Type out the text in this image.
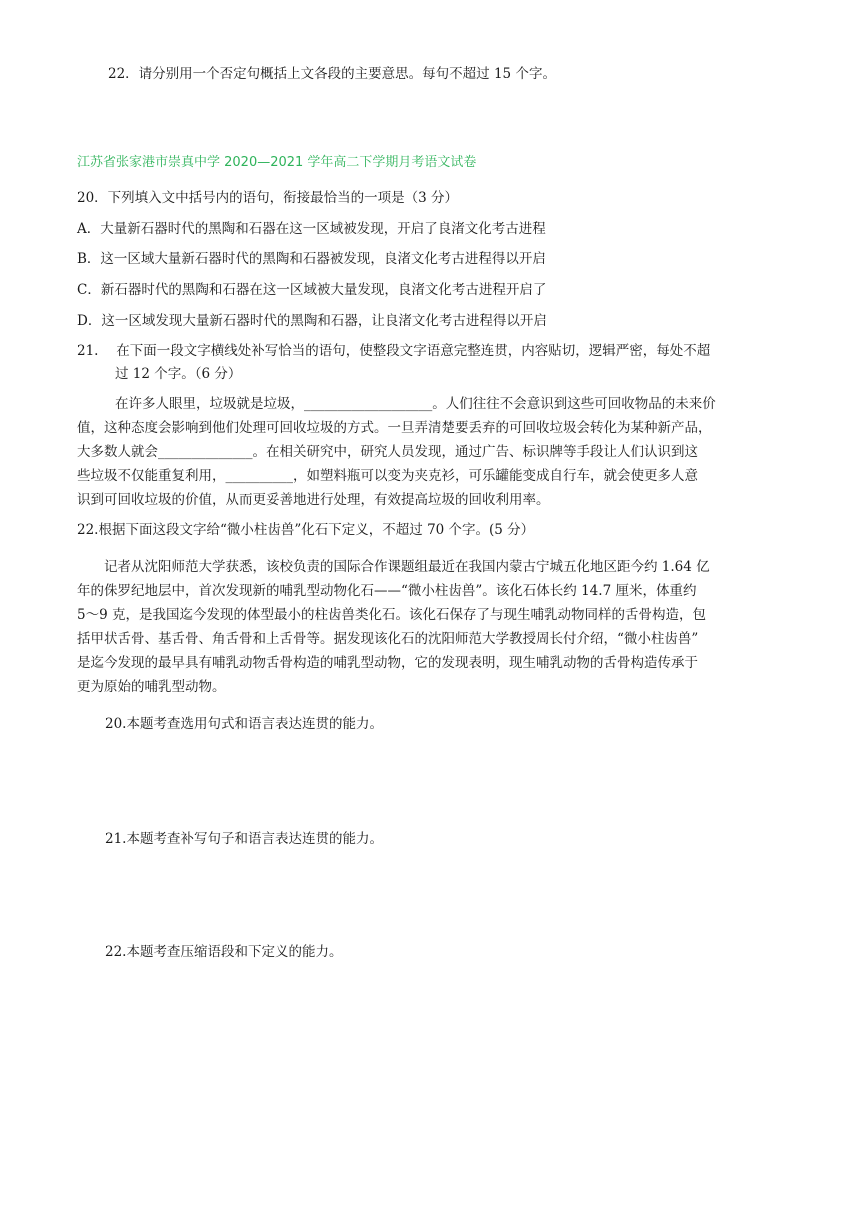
22．请分别用一个否定句概括上文各段的主要意思。每句不超过 15 个字。
江苏省张家港市崇真中学 2020—2021 学年高二下学期月考语文试卷
20．下列填入文中括号内的语句，衔接最恰当的一项是（3 分）
A．大量新石器时代的黑陶和石器在这一区域被发现，开启了良渚文化考古进程
B．这一区域大量新石器时代的黑陶和石器被发现，良渚文化考古进程得以开启
C．新石器时代的黑陶和石器在这一区域被大量发现，良渚文化考古进程开启了
D．这一区域发现大量新石器时代的黑陶和石器，让良渚文化考古进程得以开启
21.　 在下面一段文字横线处补写恰当的语句，使整段文字语意完整连贯，内容贴切，逻辑严密，每处不超
过 12 个字。（6 分）
在许多人眼里，垃圾就是垃圾，___________________。人们往往不会意识到这些可回收物品的未来价
值，这种态度会影响到他们处理可回收垃圾的方式。一旦弄清楚要丢弃的可回收垃圾会转化为某种新产品，
大多数人就会______________。在相关研究中，研究人员发现，通过广告、标识牌等手段让人们认识到这
些垃圾不仅能重复利用，__________，如塑料瓶可以变为夹克衫，可乐罐能变成自行车，就会使更多人意
识到可回收垃圾的价值，从而更妥善地进行处理，有效提高垃圾的回收利用率。
22.根据下面这段文字给“微小柱齿兽”化石下定义，不超过 70 个字。(5 分）
记者从沈阳师范大学获悉，该校负责的国际合作课题组最近在我国内蒙古宁城五化地区距今约 1.64 亿
年的侏罗纪地层中，首次发现新的哺乳型动物化石——“微小柱齿兽”。该化石体长约 14.7 厘米，体重约
5～9 克，是我国迄今发现的体型最小的柱齿兽类化石。该化石保存了与现生哺乳动物同样的舌骨构造，包
括甲状舌骨、基舌骨、角舌骨和上舌骨等。据发现该化石的沈阳师范大学教授周长付介绍，“微小柱齿兽”
是迄今发现的最早具有哺乳动物舌骨构造的哺乳型动物，它的发现表明，现生哺乳动物的舌骨构造传承于
更为原始的哺乳型动物。
20.本题考查选用句式和语言表达连贯的能力。
21.本题考查补写句子和语言表达连贯的能力。
22.本题考查压缩语段和下定义的能力。
